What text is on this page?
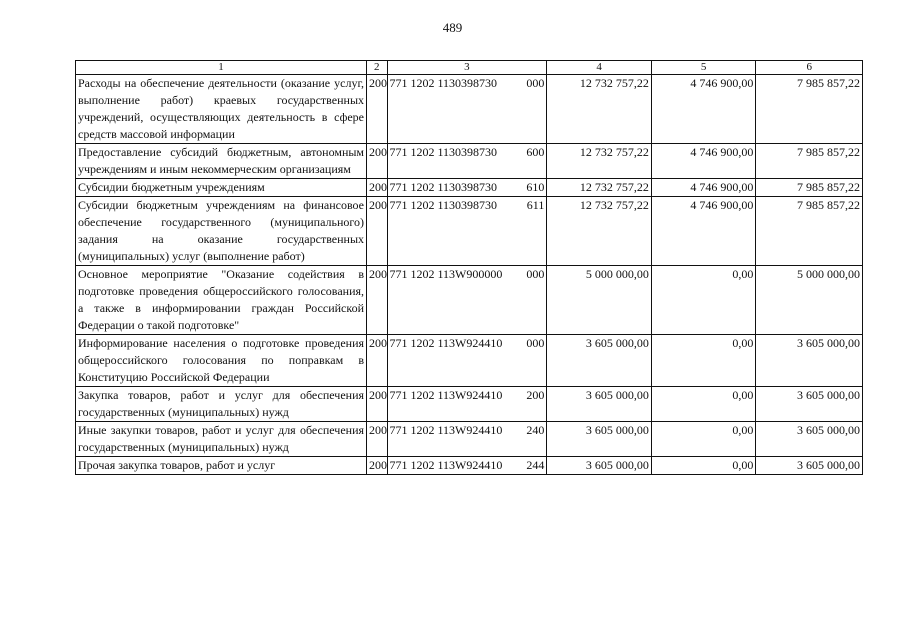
489
1	2	3	4	5	6
Расходы на обеспечение деятельности (оказание услуг, выполнение работ) краевых государственных учреждений, осуществляющих деятельность в сфере средств массовой информации	200	771 1202 1130398730 000	12 732 757,22	4 746 900,00	7 985 857,22
Предоставление субсидий бюджетным, автономным учреждениям и иным некоммерческим организациям	200	771 1202 1130398730 600	12 732 757,22	4 746 900,00	7 985 857,22
Субсидии бюджетным учреждениям	200	771 1202 1130398730 610	12 732 757,22	4 746 900,00	7 985 857,22
Субсидии бюджетным учреждениям на финансовое обеспечение государственного (муниципального) задания на оказание государственных (муниципальных) услуг (выполнение работ)	200	771 1202 1130398730 611	12 732 757,22	4 746 900,00	7 985 857,22
Основное мероприятие "Оказание содействия в подготовке проведения общероссийского голосования, а также в информировании граждан Российской Федерации о такой подготовке"	200	771 1202 113W900000 000	5 000 000,00	0,00	5 000 000,00
Информирование населения о подготовке проведения общероссийского голосования по поправкам в Конституцию Российской Федерации	200	771 1202 113W924410 000	3 605 000,00	0,00	3 605 000,00
Закупка товаров, работ и услуг для обеспечения государственных (муниципальных) нужд	200	771 1202 113W924410 200	3 605 000,00	0,00	3 605 000,00
Иные закупки товаров, работ и услуг для обеспечения государственных (муниципальных) нужд	200	771 1202 113W924410 240	3 605 000,00	0,00	3 605 000,00
Прочая закупка товаров, работ и услуг	200	771 1202 113W924410 244	3 605 000,00	0,00	3 605 000,00
